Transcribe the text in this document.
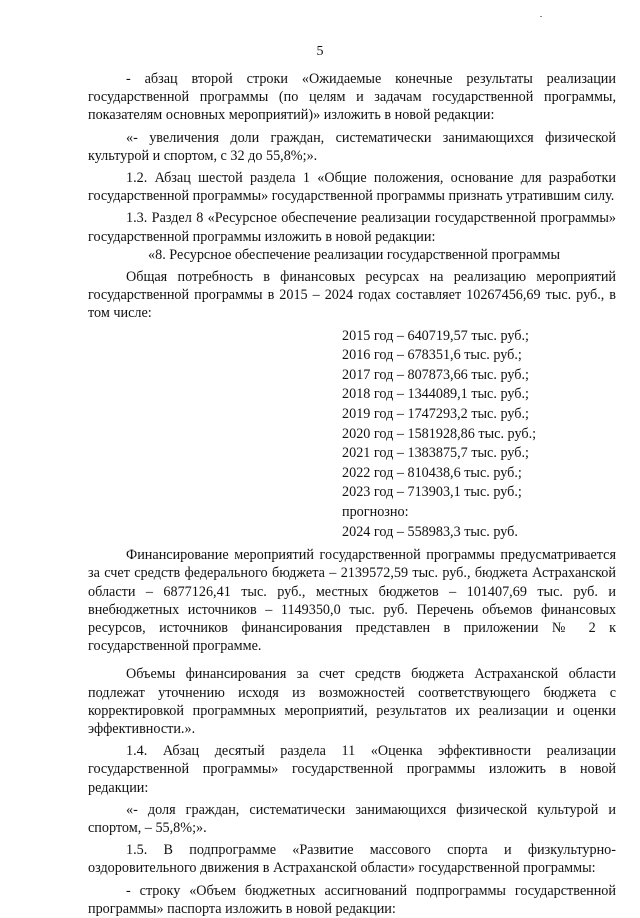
5

- абзац второй строки «Ожидаемые конечные результаты реализации государственной программы (по целям и задачам государственной программы, показателям основных мероприятий)» изложить в новой редакции:

«- увеличения доли граждан, систематически занимающихся физической культурой и спортом, с 32 до 55,8%;».

1.2. Абзац шестой раздела 1 «Общие положения, основание для разработки государственной программы» государственной программы признать утратившим силу.

1.3. Раздел 8 «Ресурсное обеспечение реализации государственной программы» государственной программы изложить в новой редакции:

«8. Ресурсное обеспечение реализации государственной программы

Общая потребность в финансовых ресурсах на реализацию мероприятий государственной программы в 2015 – 2024 годах составляет 10267456,69 тыс. руб., в том числе:

2015 год – 640719,57 тыс. руб.;
2016 год – 678351,6 тыс. руб.;
2017 год – 807873,66 тыс. руб.;
2018 год – 1344089,1 тыс. руб.;
2019 год – 1747293,2 тыс. руб.;
2020 год – 1581928,86 тыс. руб.;
2021 год – 1383875,7 тыс. руб.;
2022 год – 810438,6 тыс. руб.;
2023 год – 713903,1 тыс. руб.;
прогнозно:
2024 год – 558983,3 тыс. руб.

Финансирование мероприятий государственной программы предусматривается за счет средств федерального бюджета – 2139572,59 тыс. руб., бюджета Астраханской области – 6877126,41 тыс. руб., местных бюджетов – 101407,69 тыс. руб. и внебюджетных источников – 1149350,0 тыс. руб. Перечень объемов финансовых ресурсов, источников финансирования представлен в приложении № 2 к государственной программе.

Объемы финансирования за счет средств бюджета Астраханской области подлежат уточнению исходя из возможностей соответствующего бюджета с корректировкой программных мероприятий, результатов их реализации и оценки эффективности.».

1.4. Абзац десятый раздела 11 «Оценка эффективности реализации государственной программы» государственной программы изложить в новой редакции:

«- доля граждан, систематически занимающихся физической культурой и спортом, – 55,8%;».

1.5. В подпрограмме «Развитие массового спорта и физкультурно-оздоровительного движения в Астраханской области» государственной программы:

- строку «Объем бюджетных ассигнований подпрограммы государственной программы» паспорта изложить в новой редакции:
